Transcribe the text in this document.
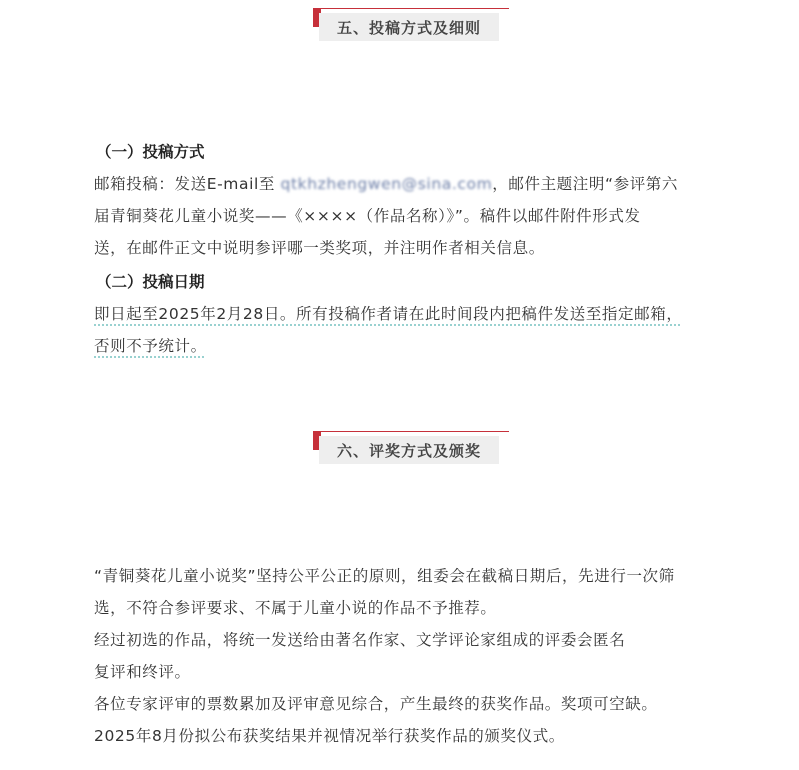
五、投稿方式及细则
（一）投稿方式
邮箱投稿：发送E-mail至 qtkhzhengwen@sina.com，邮件主题注明“参评第六
届青铜葵花儿童小说奖——《××××（作品名称）》”。稿件以邮件附件形式发
送，在邮件正文中说明参评哪一类奖项，并注明作者相关信息。
（二）投稿日期
即日起至2025年2月28日。所有投稿作者请在此时间段内把稿件发送至指定邮箱，
否则不予统计。
六、评奖方式及颁奖
“青铜葵花儿童小说奖”坚持公平公正的原则，组委会在截稿日期后，先进行一次筛
选，不符合参评要求、不属于儿童小说的作品不予推荐。
经过初选的作品，将统一发送给由著名作家、文学评论家组成的评委会匿名
复评和终评。
各位专家评审的票数累加及评审意见综合，产生最终的获奖作品。奖项可空缺。
2025年8月份拟公布获奖结果并视情况举行获奖作品的颁奖仪式。
